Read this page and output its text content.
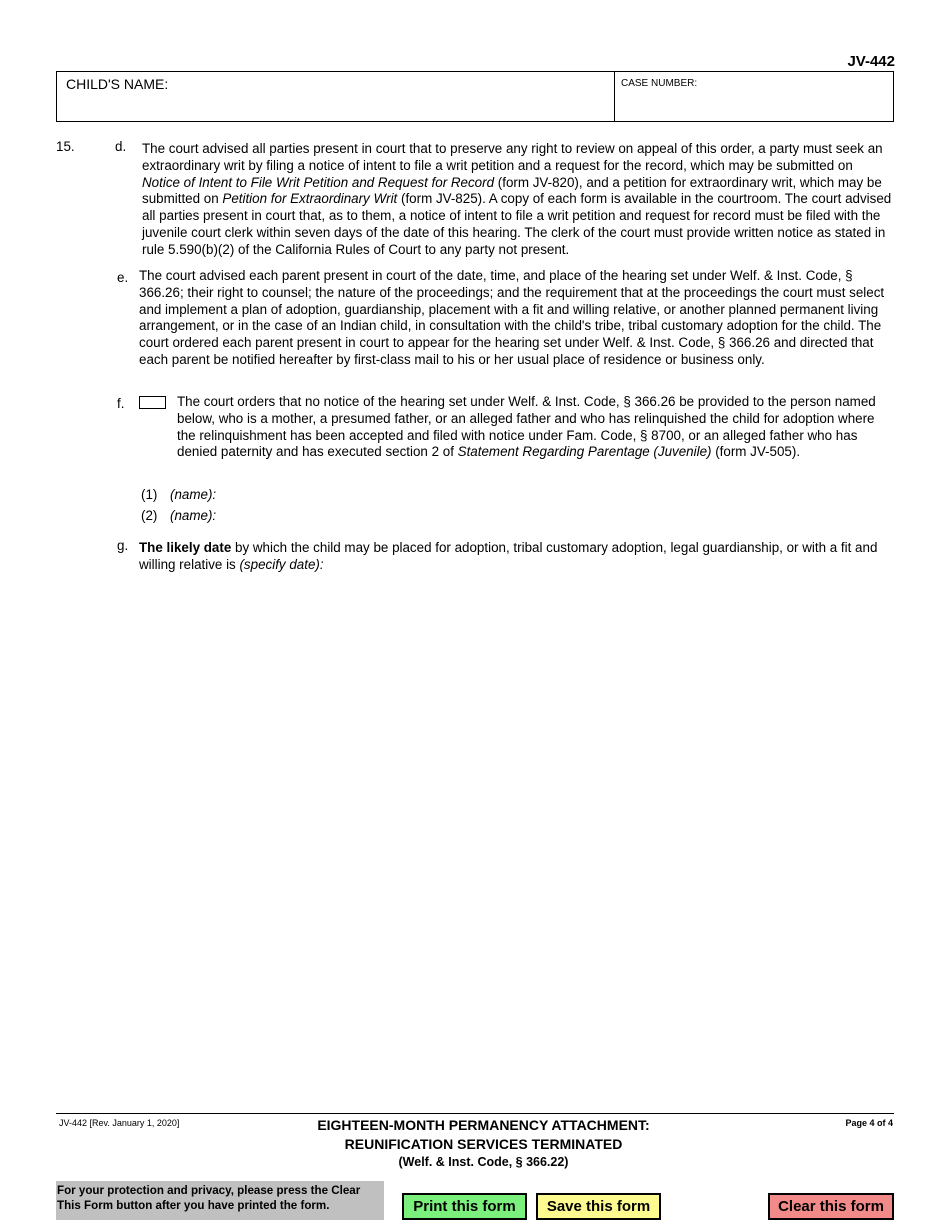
JV-442
CHILD'S NAME:	CASE NUMBER:
15.	d. The court advised all parties present in court that to preserve any right to review on appeal of this order, a party must seek an extraordinary writ by filing a notice of intent to file a writ petition and a request for the record, which may be submitted on Notice of Intent to File Writ Petition and Request for Record (form JV-820), and a petition for extraordinary writ, which may be submitted on Petition for Extraordinary Writ (form JV-825). A copy of each form is available in the courtroom. The court advised all parties present in court that, as to them, a notice of intent to file a writ petition and request for record must be filed with the juvenile court clerk within seven days of the date of this hearing. The clerk of the court must provide written notice as stated in rule 5.590(b)(2) of the California Rules of Court to any party not present.
e. The court advised each parent present in court of the date, time, and place of the hearing set under Welf. & Inst. Code, § 366.26; their right to counsel; the nature of the proceedings; and the requirement that at the proceedings the court must select and implement a plan of adoption, guardianship, placement with a fit and willing relative, or another planned permanent living arrangement, or in the case of an Indian child, in consultation with the child's tribe, tribal customary adoption for the child. The court ordered each parent present in court to appear for the hearing set under Welf. & Inst. Code, § 366.26 and directed that each parent be notified hereafter by first-class mail to his or her usual place of residence or business only.
f.	The court orders that no notice of the hearing set under Welf. & Inst. Code, § 366.26 be provided to the person named below, who is a mother, a presumed father, or an alleged father and who has relinquished the child for adoption where the relinquishment has been accepted and filed with notice under Fam. Code, § 8700, or an alleged father who has denied paternity and has executed section 2 of Statement Regarding Parentage (Juvenile) (form JV-505).
(1) (name):
(2) (name):
g. The likely date by which the child may be placed for adoption, tribal customary adoption, legal guardianship, or with a fit and willing relative is (specify date):
JV-442 [Rev. January 1, 2020]	Page 4 of 4
EIGHTEEN-MONTH PERMANENCY ATTACHMENT:
REUNIFICATION SERVICES TERMINATED
(Welf. & Inst. Code, § 366.22)
For your protection and privacy, please press the Clear This Form button after you have printed the form.	Print this form	Save this form	Clear this form
